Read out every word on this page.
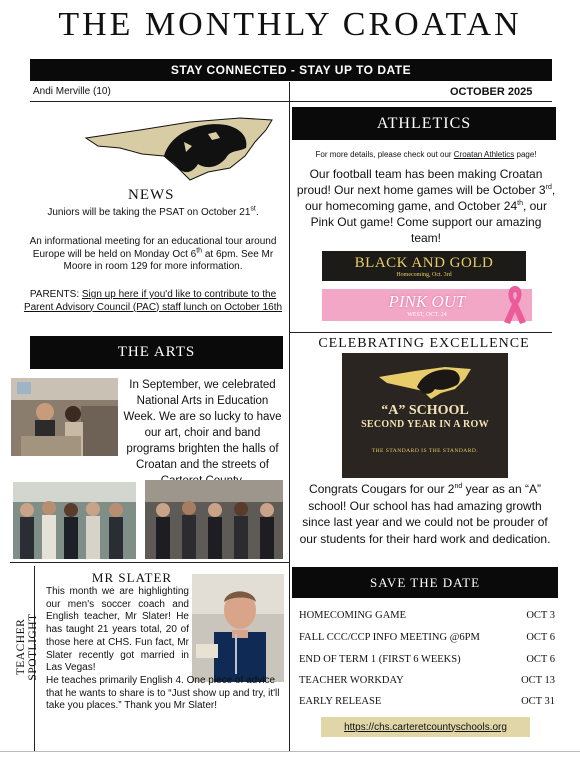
THE MONTHLY CROATAN
STAY CONNECTED - STAY UP TO DATE
Andi Merville (10)	OCTOBER 2025
NEWS
Juniors will be taking the PSAT on October 21st.
An informational meeting for an educational tour around Europe will be held on Monday Oct 6th at 6pm. See Mr Moore in room 129 for more information.
PARENTS: Sign up here if you'd like to contribute to the Parent Advisory Council (PAC) staff lunch on October 16th
ATHLETICS
For more details, please check out our Croatan Athletics page!
Our football team has been making Croatan proud! Our next home games will be October 3rd, our homecoming game, and October 24th, our Pink Out game! Come support our amazing team!
BLACK AND GOLD
Homecoming, Oct. 3rd
PINK OUT
WEST, OCT. 24
THE ARTS
In September, we celebrated National Arts in Education Week. We are so lucky to have our art, choir and band programs brighten the halls of Croatan and the streets of
CELEBRATING EXCELLENCE
“A” SCHOOL
SECOND YEAR IN A ROW
THE STANDARD IS THE STANDARD.
Congrats Cougars for our 2nd year as an “A” school! Our school has had amazing growth since last year and we could not be prouder of our students for their hard work and dedication.
SAVE THE DATE
HOMECOMING GAME	OCT 3
FALL CCC/CCP INFO MEETING @6PM	OCT 6
END OF TERM 1 (FIRST 6 WEEKS)	OCT 6
TEACHER WORKDAY	OCT 13
EARLY RELEASE	OCT 31
https://chs.carteretcountyschools.org
TEACHER SPOTLIGHT
MR SLATER
This month we are highlighting our men's soccer coach and English teacher, Mr Slater! He has taught 21 years total, 20 of those here at CHS. Fun fact, Mr Slater recently got married in Las Vegas!
He teaches primarily English 4. One piece of advice that he wants to share is to “Just show up and try, it'll take you places.” Thank you Mr Slater!
